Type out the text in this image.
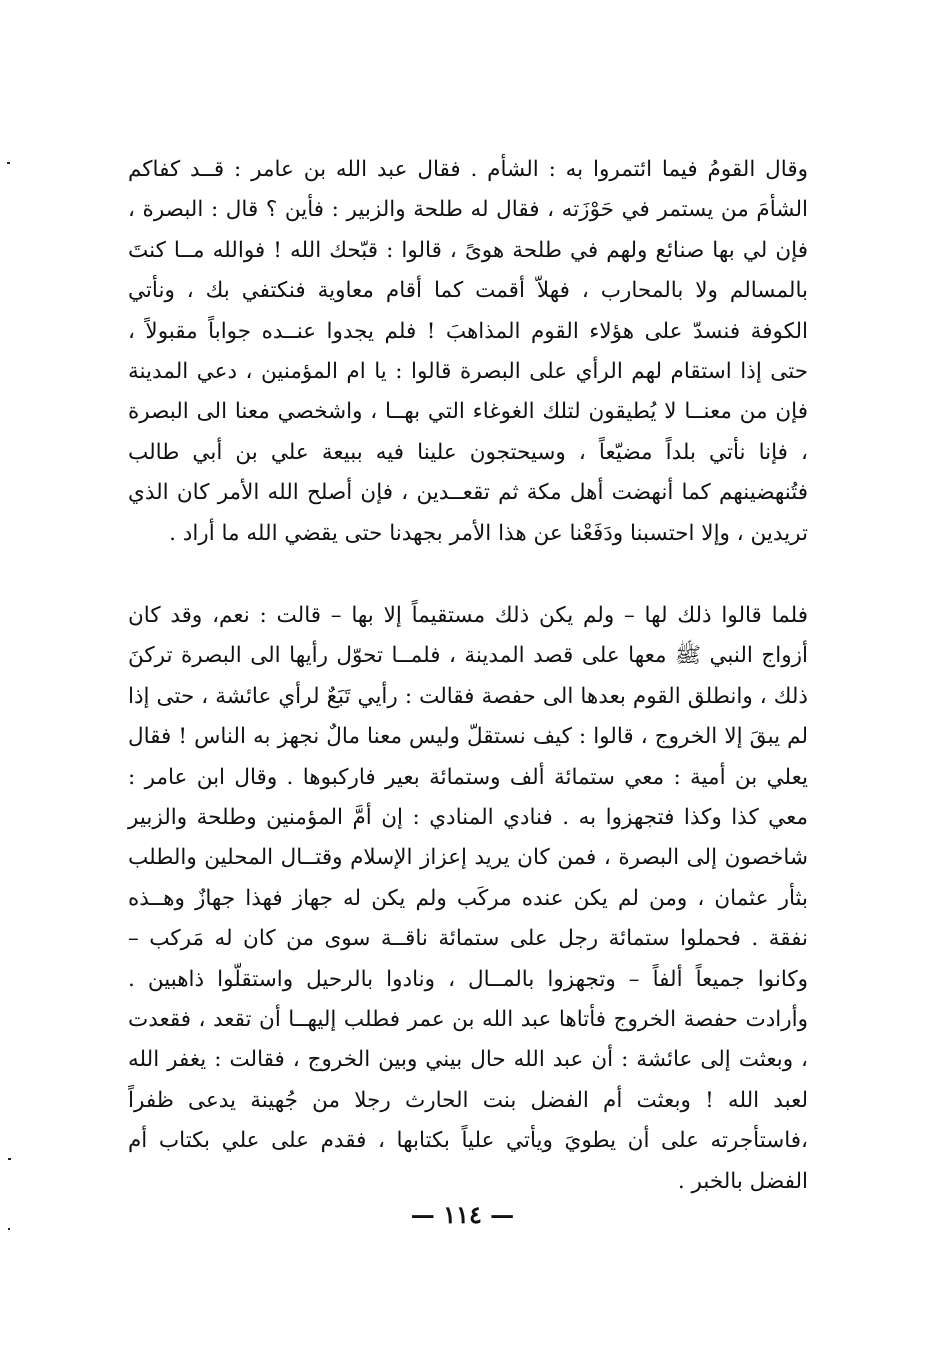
وقال القومُ فيما ائتمروا به : الشأم . فقال عبد الله بن عامر : قــد كفاكم الشأمَ من يستمر في حَوْزَته ، فقال له طلحة والزبير : فأين ؟ قال : البصرة ، فإن لي بها صنائع ولهم في طلحة هوىً ، قالوا : قبّحك الله ! فوالله مــا كنتَ بالمسالم ولا بالمحارب ، فهلاّ أقمت كما أقام معاوية فنكتفي بك ، ونأتي الكوفة فنسدّ على هؤلاء القوم المذاهبَ ! فلم يجدوا عنــده جواباً مقبولاً ، حتى إذا استقام لهم الرأي على البصرة قالوا : يا ام المؤمنين ، دعي المدينة فإن من معنــا لا يُطيقون لتلك الغوغاء التي بهــا ، واشخصي معنا الى البصرة ، فإنا نأتي بلداً مضيّعاً ، وسيحتجون علينا فيه ببيعة علي بن أبي طالب فتُنهضينهم كما أنهضت أهل مكة ثم تقعــدين ، فإن أصلح الله الأمر كان الذي تريدين ، وإلا احتسبنا ودَفَعْنا عن هذا الأمر بجهدنا حتى يقضي الله ما أراد .

فلما قالوا ذلك لها – ولم يكن ذلك مستقيماً إلا بها – قالت : نعم، وقد كان أزواج النبي ﷺ معها على قصد المدينة ، فلمــا تحوّل رأيها الى البصرة تركنَ ذلك ، وانطلق القوم بعدها الى حفصة فقالت : رأيي تَبَعٌ لرأي عائشة ، حتى إذا لم يبقَ إلا الخروج ، قالوا : كيف نستقلّ وليس معنا مالٌ نجهز به الناس ! فقال يعلي بن أمية : معي ستمائة ألف وستمائة بعير فاركبوها . وقال ابن عامر : معي كذا وكذا فتجهزوا به . فنادي المنادي : إن أمَّ المؤمنين وطلحة والزبير شاخصون إلى البصرة ، فمن كان يريد إعزاز الإسلام وقتــال المحلين والطلب بثأر عثمان ، ومن لم يكن عنده مركَب ولم يكن له جهاز فهذا جهازٌ وهــذه نفقة . فحملوا ستمائة رجل على ستمائة ناقــة سوى من كان له مَركب – وكانوا جميعاً ألفاً – وتجهزوا بالمــال ، ونادوا بالرحيل واستقلّوا ذاهبين . وأرادت حفصة الخروج فأتاها عبد الله بن عمر فطلب إليهــا أن تقعد ، فقعدت ، وبعثت إلى عائشة : أن عبد الله حال بيني وبين الخروج ، فقالت : يغفر الله لعبد الله ! وبعثت أم الفضل بنت الحارث رجلا من جُهينة يدعى ظفراً ،فاستأجرته على أن يطويَ ويأتي علياً بكتابها ، فقدم على علي بكتاب أم الفضل بالخبر .

— ١١٤ —
